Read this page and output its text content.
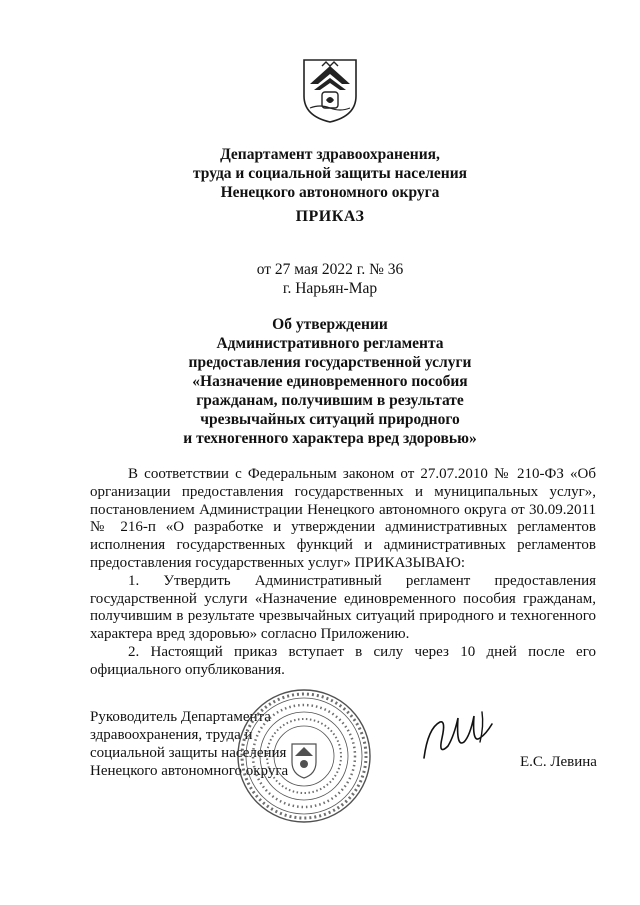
Департамент здравоохранения,
труда и социальной защиты населения
Ненецкого автономного округа
ПРИКАЗ
от 27 мая 2022 г. № 36
г. Нарьян-Мар
Об утверждении
Административного регламента
предоставления государственной услуги
«Назначение единовременного пособия
гражданам, получившим в результате
чрезвычайных ситуаций природного
и техногенного характера вред здоровью»

В соответствии с Федеральным законом от 27.07.2010 № 210-ФЗ «Об организации предоставления государственных и муниципальных услуг», постановлением Администрации Ненецкого автономного округа от 30.09.2011 № 216-п «О разработке и утверждении административных регламентов исполнения государственных функций и административных регламентов предоставления государственных услуг» ПРИКАЗЫВАЮ:

1. Утвердить Административный регламент предоставления государственной услуги «Назначение единовременного пособия гражданам, получившим в результате чрезвычайных ситуаций природного и техногенного характера вред здоровью» согласно Приложению.

2. Настоящий приказ вступает в силу через 10 дней после его официального опубликования.

Руководитель Департамента
здравоохранения, труда и
социальной защиты населения
Ненецкого автономного округа
Е.С. Левина
